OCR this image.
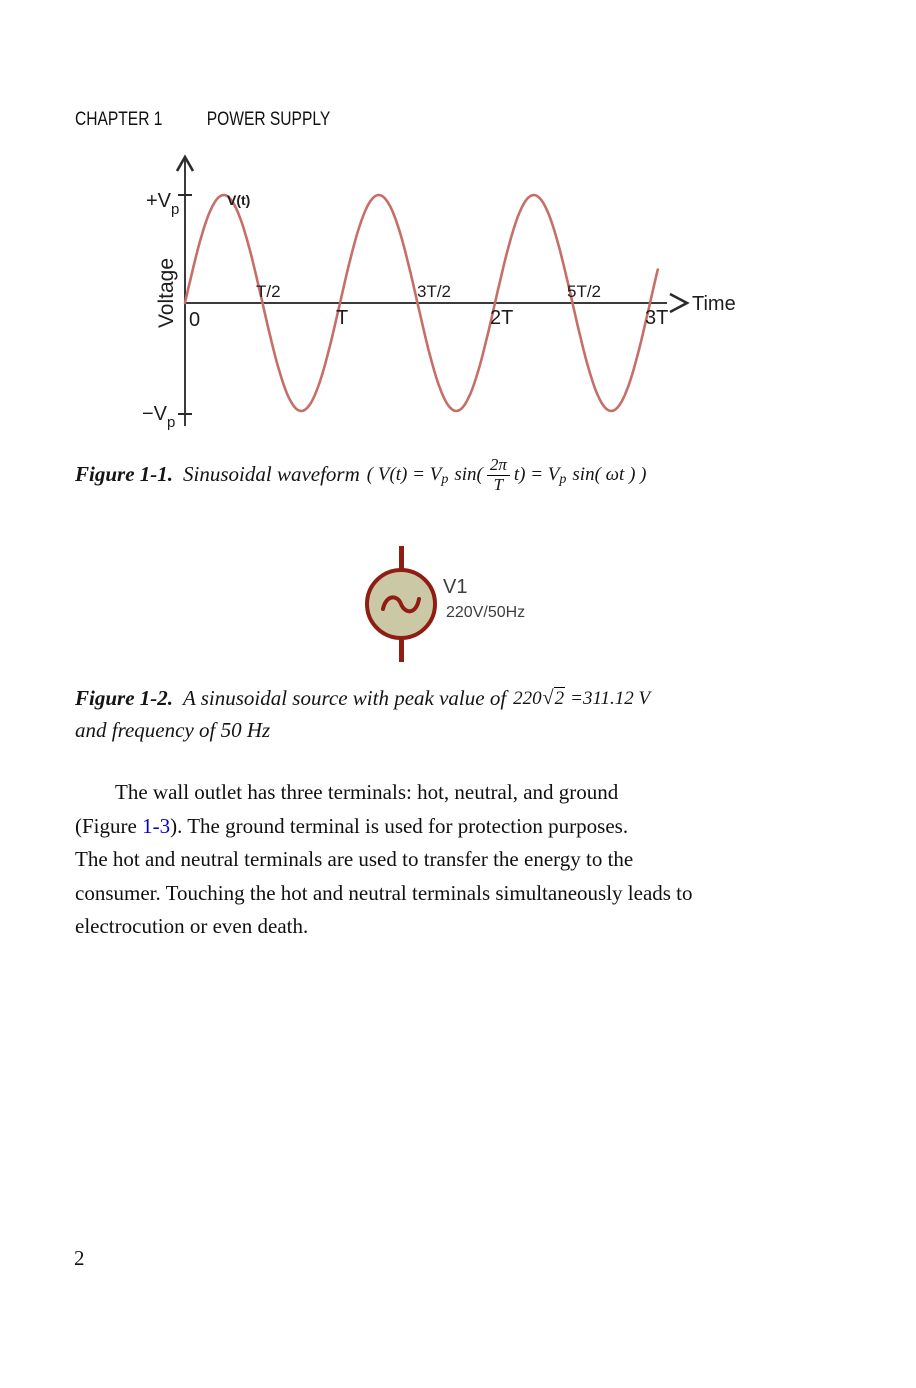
CHAPTER 1 POWER SUPPLY
V(t)
0	T	2T	3T
T/2	3T/2	5T/2
Time
Voltage
$+V_p$
$-V_p$
Figure 1-1. Sinusoidal waveform ( V(t) = V p $\sin( \frac{2\pi}{T} t) = V$ p sin( ωt ) )
V1
220V/50Hz
Figure 1-2. A sinusoidal source with peak value of 220 √ 2 =311.12 V
and frequency of 50 Hz
The wall outlet has three terminals: hot, neutral, and ground
(Figure 1-3). The ground terminal is used for protection purposes.
The hot and neutral terminals are used to transfer the energy to the
consumer. Touching the hot and neutral terminals simultaneously leads to
electrocution or even death.
2
